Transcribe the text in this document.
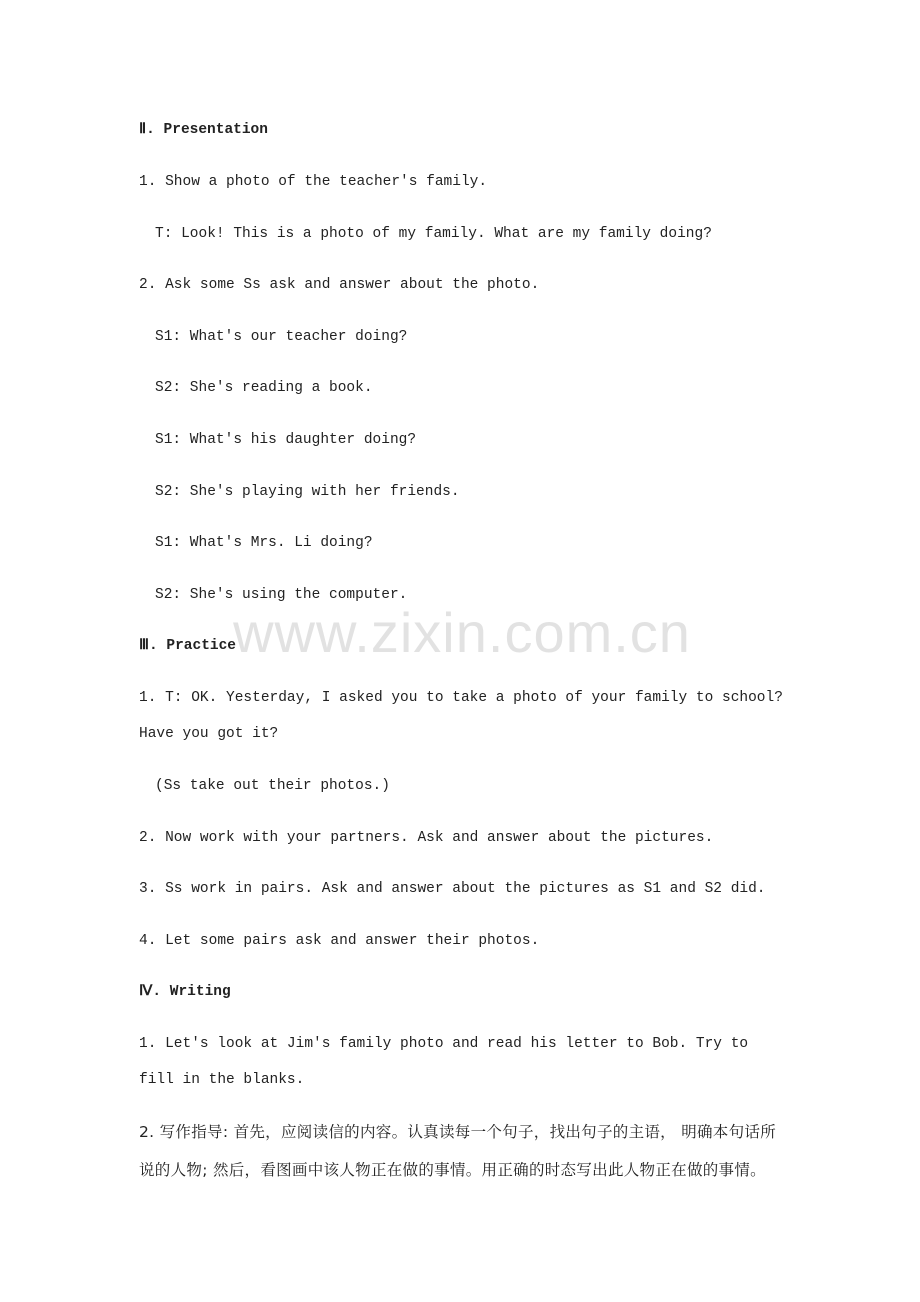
Ⅱ. Presentation
1. Show a photo of the teacher's family.
T: Look! This is a photo of my family. What are my family doing?
2. Ask some Ss ask and answer about the photo.
S1: What's our teacher doing?
S2: She's reading a book.
S1: What's his daughter doing?
S2: She's playing with her friends.
S1: What's Mrs. Li doing?
S2: She's using the computer.
Ⅲ. Practice
1. T: OK. Yesterday, I asked you to take a photo of your family to school? Have you got it?
(Ss take out their photos.)
2. Now work with your partners. Ask and answer about the pictures.
3. Ss work in pairs. Ask and answer about the pictures as S1 and S2 did.
4. Let some pairs ask and answer their photos.
Ⅳ. Writing
1. Let's look at Jim's family photo and read his letter to Bob. Try to fill in the blanks.
2. 写作指导: 首先，应阅读信的内容。认真读每一个句子，找出句子的主语， 明确本句话所说的人物; 然后，看图画中该人物正在做的事情。用正确的时态写出此人物正在做的事情。
www.zixin.com.cn
